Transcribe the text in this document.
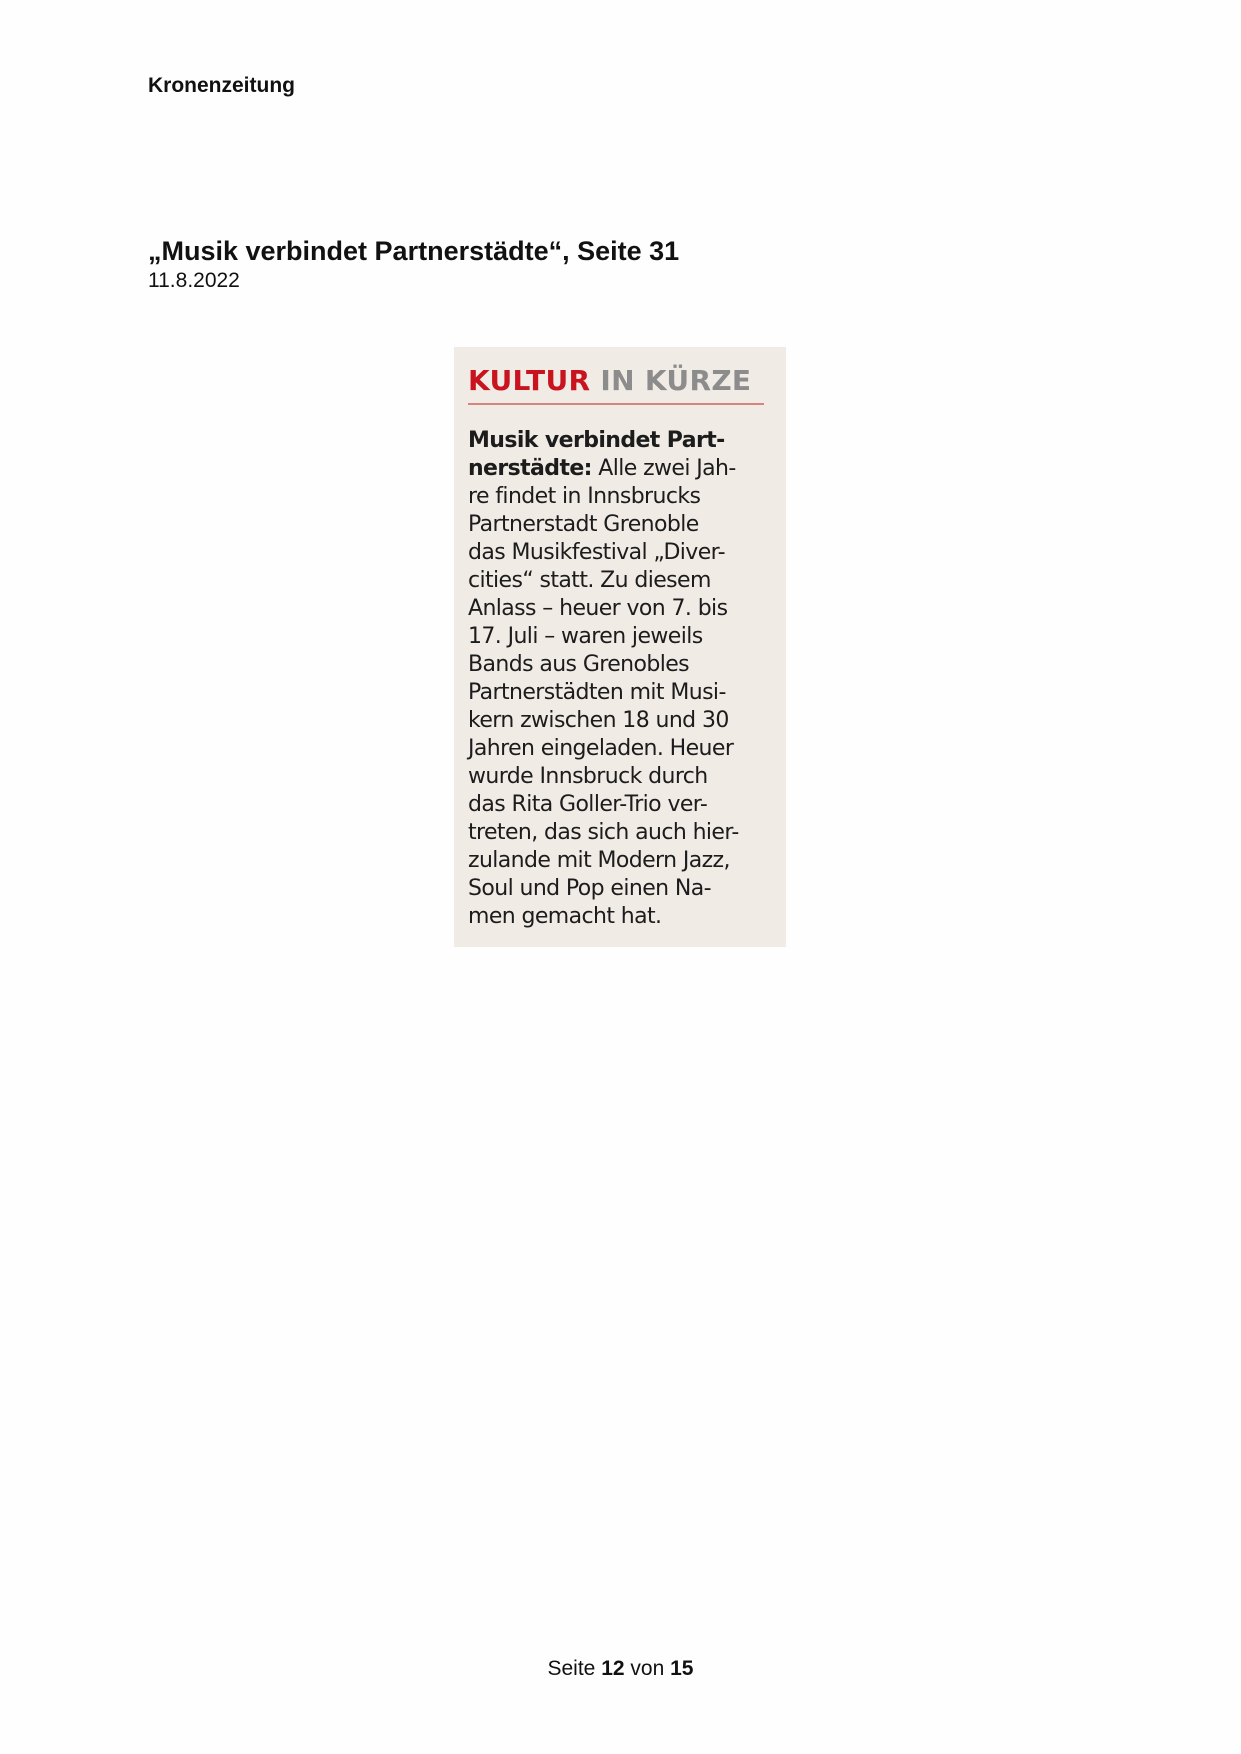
Kronenzeitung
„Musik verbindet Partnerstädte“, Seite 31
11.8.2022
KULTUR IN KÜRZE
Musik verbindet Part-
nerstädte: Alle zwei Jah-
re findet in Innsbrucks
Partnerstadt Grenoble
das Musikfestival „Diver-
cities“ statt. Zu diesem
Anlass – heuer von 7. bis
17. Juli – waren jeweils
Bands aus Grenobles
Partnerstädten mit Musi-
kern zwischen 18 und 30
Jahren eingeladen. Heuer
wurde Innsbruck durch
das Rita Goller-Trio ver-
treten, das sich auch hier-
zulande mit Modern Jazz,
Soul und Pop einen Na-
men gemacht hat.
Seite 12 von 15
